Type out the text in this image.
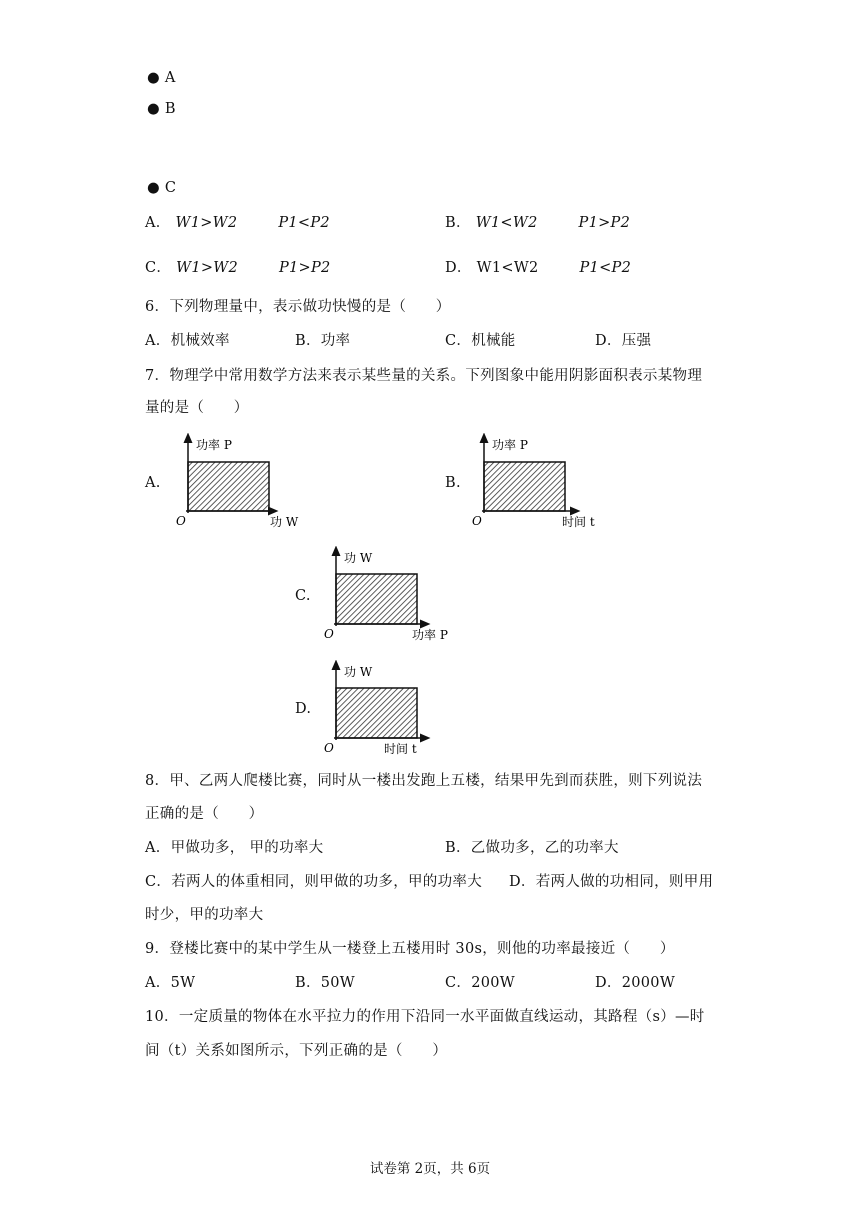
● A
● B
● C
A． W1>W2	P1<P2	B． W1<W2	P1>P2
C． W1>W2	P1>P2	D． W1<W2	P1<P2
6．下列物理量中，表示做功快慢的是（　　）
A．机械效率	B．功率	C．机械能	D．压强
7．物理学中常用数学方法来表示某些量的关系。下列图象中能用阴影面积表示某物理
量的是（　　）
A.
功率 P
功 W
O
B.
功率 P
时间 t
O
C.
功 W
功率 P
O
D.
功 W
时间 t
O
8．甲、乙两人爬楼比赛，同时从一楼出发跑上五楼，结果甲先到而获胜，则下列说法
正确的是（　　）
A．甲做功多， 甲的功率大	B．乙做功多，乙的功率大
C．若两人的体重相同，则甲做的功多，甲的功率大 D．若两人做的功相同，则甲用
时少，甲的功率大
9．登楼比赛中的某中学生从一楼登上五楼用时 30s，则他的功率最接近（　　）
A．5W	B．50W	C．200W	D．2000W
10．一定质量的物体在水平拉力的作用下沿同一水平面做直线运动，其路程（s）—时
间（t）关系如图所示，下列正确的是（　　）
试卷第 2页，共 6页
